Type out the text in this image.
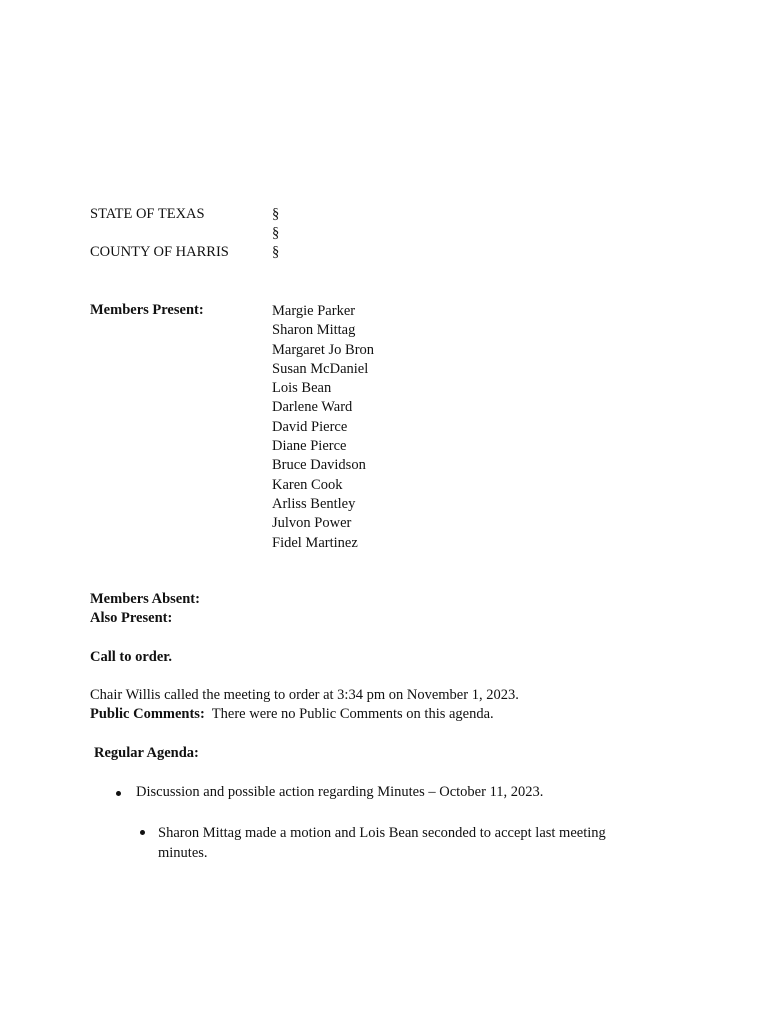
STATE OF TEXAS	§
§
COUNTY OF HARRIS	§
Members Present:	Margie Parker
Sharon Mittag
Margaret Jo Bron
Susan McDaniel
Lois Bean
Darlene Ward
David Pierce
Diane Pierce
Bruce Davidson
Karen Cook
Arliss Bentley
Julvon Power
Fidel Martinez
Members Absent:
Also Present:
Call to order.
Chair Willis called the meeting to order at 3:34 pm on November 1, 2023.
Public Comments: There were no Public Comments on this agenda.
Regular Agenda:
Discussion and possible action regarding Minutes – October 11, 2023.
Sharon Mittag made a motion and Lois Bean seconded to accept last meeting minutes.
